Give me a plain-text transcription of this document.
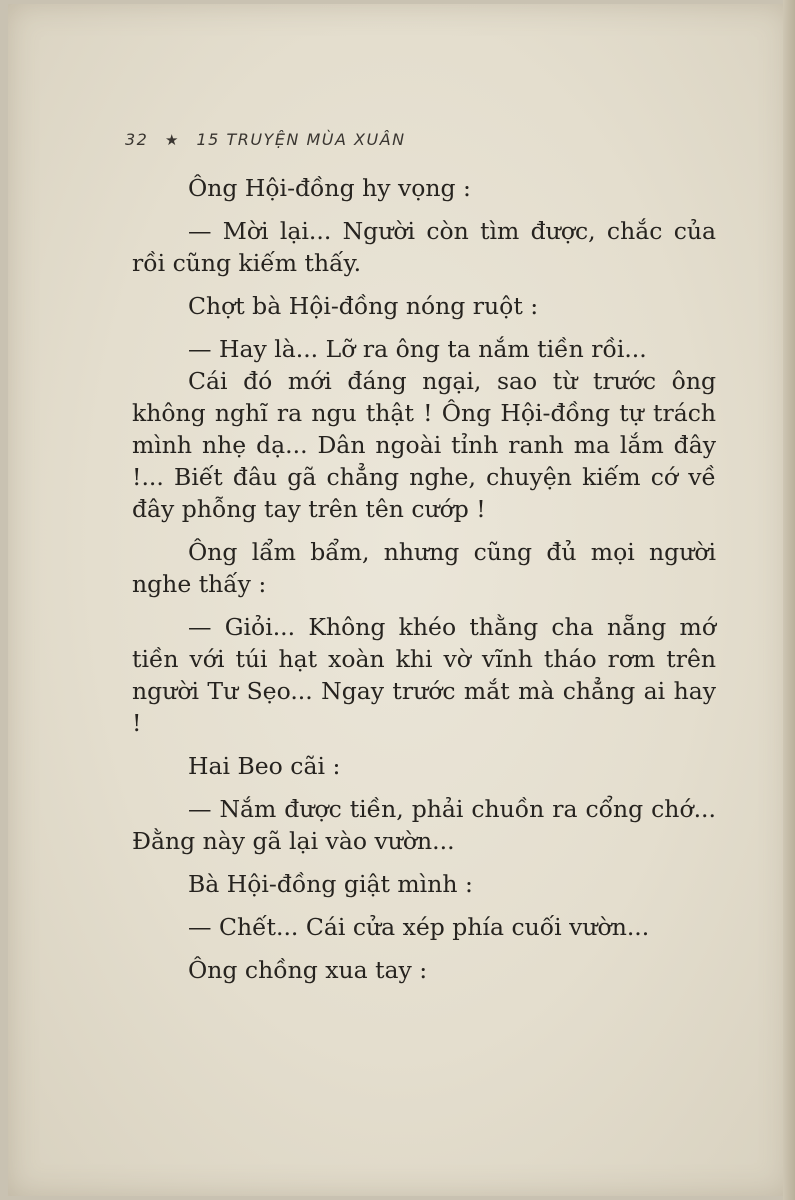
32 ★ 15 TRUYỆN MÙA XUÂN

Ông Hội-đồng hy vọng :

— Mời lại... Người còn tìm được, chắc của rồi cũng kiếm thấy.

Chợt bà Hội-đồng nóng ruột :

— Hay là... Lỡ ra ông ta nắm tiền rồi...

Cái đó mới đáng ngại, sao từ trước ông không nghĩ ra ngu thật ! Ông Hội-đồng tự trách mình nhẹ dạ... Dân ngoài tỉnh ranh ma lắm đây !... Biết đâu gã chẳng nghe, chuyện kiếm cớ về đây phỗng tay trên tên cướp !

Ông lẩm bẩm, nhưng cũng đủ mọi người nghe thấy :

— Giỏi... Không khéo thằng cha nẵng mớ tiền với túi hạt xoàn khi vờ vĩnh tháo rơm trên người Tư Sẹo... Ngay trước mắt mà chẳng ai hay !

Hai Beo cãi :

— Nắm được tiền, phải chuồn ra cổng chớ... Đằng này gã lại vào vườn...

Bà Hội-đồng giật mình :

— Chết... Cái cửa xép phía cuối vườn...

Ông chồng xua tay :
